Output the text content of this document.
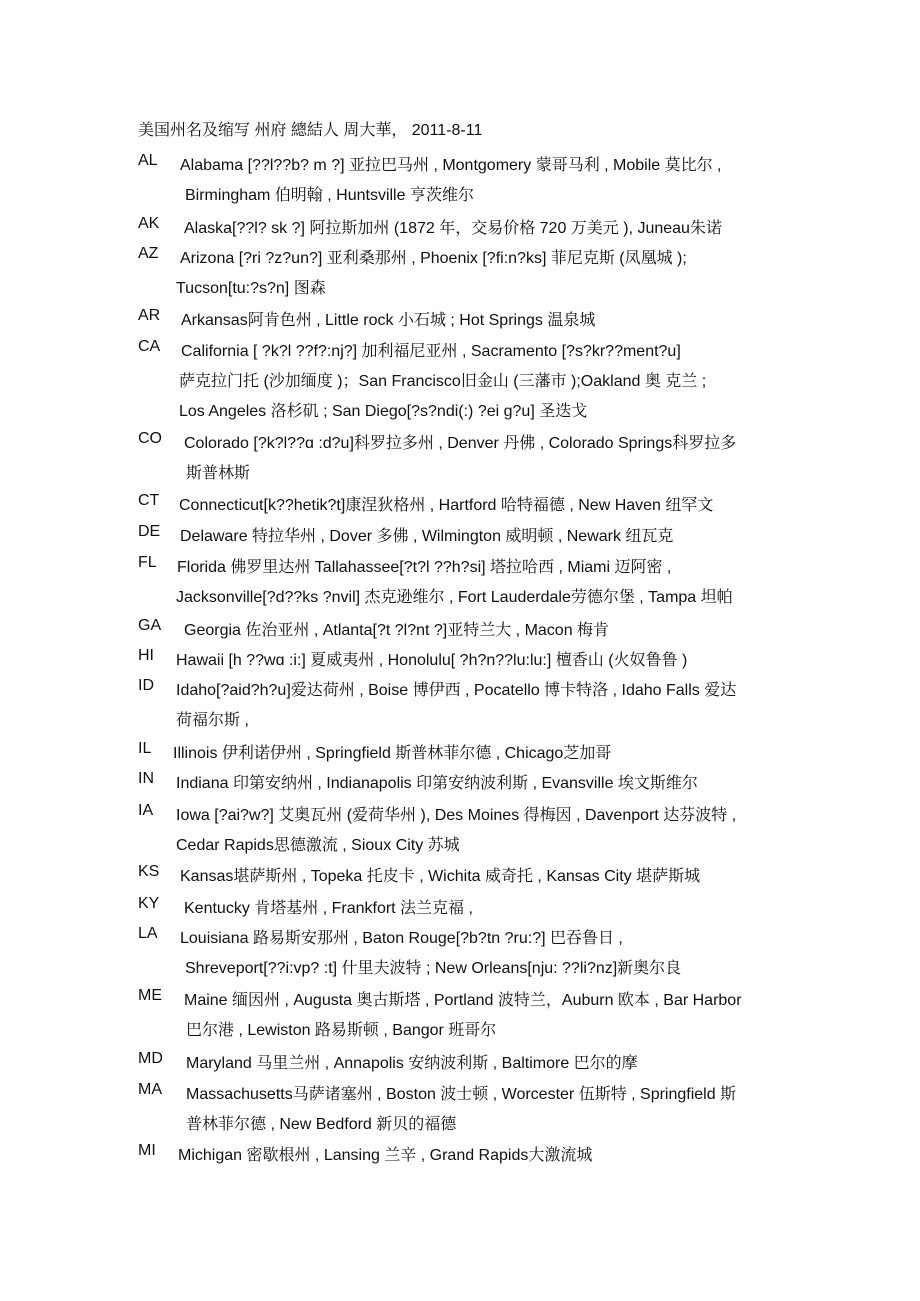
美国州名及缩写 州府 總結人 周大華， 2011-8-11
AL Alabama [??l??b? m ?] 亚拉巴马州 , Montgomery 蒙哥马利 , Mobile 莫比尔 ,
Birmingham 伯明翰 , Huntsville 亨茨维尔
AK Alaska[??l? sk ?] 阿拉斯加州 (1872 年，交易价格 720 万美元 ), Juneau朱诺
AZ Arizona [?ri ?z?un?] 亚利桑那州 , Phoenix [?fi:n?ks] 菲尼克斯 (凤凰城 );
Tucson[tu:?s?n] 图森
AR Arkansas阿肯色州 , Little rock 小石城 ; Hot Springs 温泉城
CA California [ ?k?l ??f?:nj?] 加利福尼亚州 , Sacramento [?s?kr??ment?u]
萨克拉门托 (沙加缅度 )；San Francisco旧金山 (三藩市 );Oakland 奥 克兰 ;
Los Angeles 洛杉矶 ; San Diego[?s?ndi(:) ?ei ɡ?u] 圣迭戈
CO Colorado [?k?l??ɑ :d?u]科罗拉多州 , Denver 丹佛 , Colorado Springs科罗拉多
斯普林斯
CT Connecticut[k??hetik?t]康涅狄格州 , Hartford 哈特福德 , New Haven 纽罕文
DE Delaware 特拉华州 , Dover 多佛 , Wilmington 威明顿 , Newark 纽瓦克
FL Florida 佛罗里达州 Tallahassee[?t?l ??h?si] 塔拉哈西 , Miami 迈阿密 ,
Jacksonville[?d??ks ?nvil] 杰克逊维尔 , Fort Lauderdale劳德尔堡 , Tampa 坦帕
GA Georgia 佐治亚州 , Atlanta[?t ?l?nt ?]亚特兰大 , Macon 梅肯
HI Hawaii [h ??wɑ :i:] 夏威夷州 , Honolulu[ ?h?n??lu:lu:] 檀香山 (火奴鲁鲁 )
ID Idaho[?aid?h?u]爱达荷州 , Boise 博伊西 , Pocatello 博卡特洛 , Idaho Falls 爱达
荷福尔斯 ,
IL Illinois 伊利诺伊州 , Springfield 斯普林菲尔德 , Chicago芝加哥
IN Indiana 印第安纳州 , Indianapolis 印第安纳波利斯 , Evansville 埃文斯维尔
IA Iowa [?ai?w?] 艾奥瓦州 (爱荷华州 ), Des Moines 得梅因 , Davenport 达芬波特 ,
Cedar Rapids思德激流 , Sioux City 苏城
KS Kansas堪萨斯州 , Topeka 托皮卡 , Wichita 威奇托 , Kansas City 堪萨斯城
KY Kentucky 肯塔基州 , Frankfort 法兰克福 ,
LA Louisiana 路易斯安那州 , Baton Rouge[?b?tn ?ru:?] 巴吞鲁日 ,
Shreveport[??i:vp? :t] 什里夫波特 ; New Orleans[nju: ??li?nz]新奥尔良
ME Maine 缅因州 , Augusta 奥古斯塔 , Portland 波特兰，Auburn 欧本 , Bar Harbor
巴尔港 , Lewiston 路易斯顿 , Bangor 班哥尔
MD Maryland 马里兰州 , Annapolis 安纳波利斯 , Baltimore 巴尔的摩
MA Massachusetts马萨诸塞州 , Boston 波士顿 , Worcester 伍斯特 , Springfield 斯
普林菲尔德 , New Bedford 新贝的福德
MI Michigan 密歇根州 , Lansing 兰辛 , Grand Rapids大激流城
